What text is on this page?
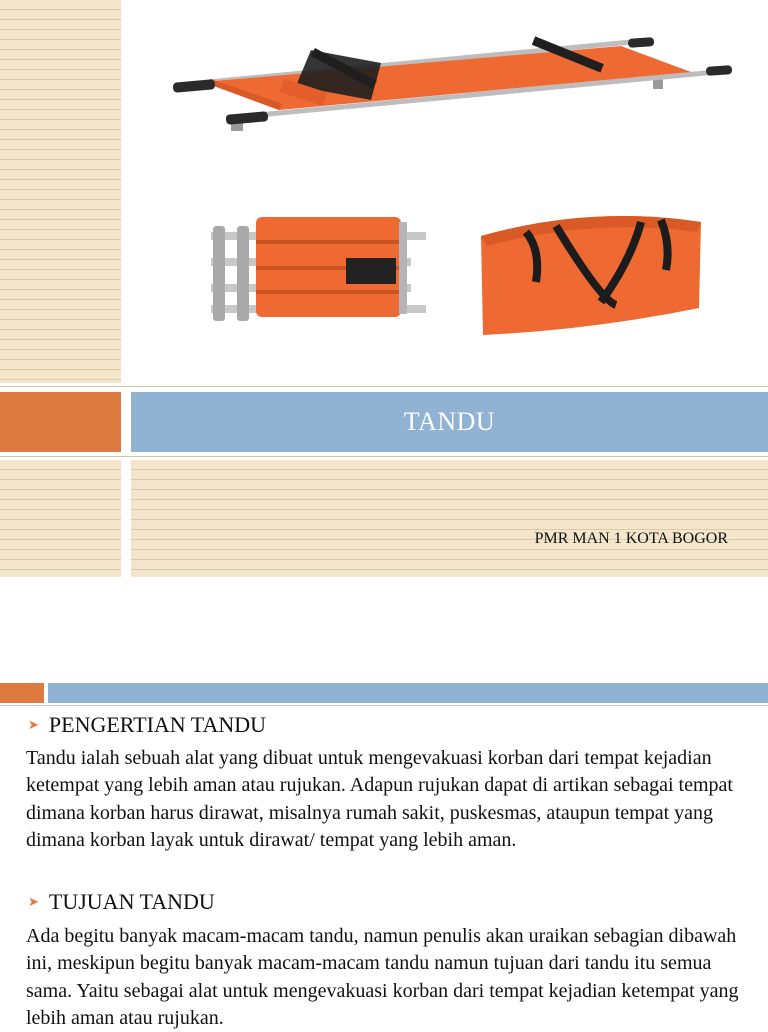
TANDU
PMR MAN 1 KOTA BOGOR
➤ PENGERTIAN TANDU

Tandu ialah sebuah alat yang dibuat untuk mengevakuasi korban dari tempat kejadian ketempat yang lebih aman atau rujukan. Adapun rujukan dapat di artikan sebagai tempat dimana korban harus dirawat, misalnya rumah sakit, puskesmas, ataupun tempat yang dimana korban layak untuk dirawat/ tempat yang lebih aman.

➤ TUJUAN TANDU

Ada begitu banyak macam-macam tandu, namun penulis akan uraikan sebagian dibawah ini, meskipun begitu banyak macam-macam tandu namun tujuan dari tandu itu semua sama. Yaitu sebagai alat untuk mengevakuasi korban dari tempat kejadian ketempat yang lebih aman atau rujukan.
